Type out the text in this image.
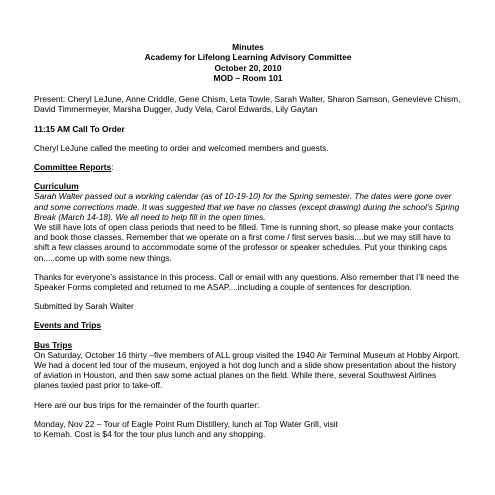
Minutes
Academy for Lifelong Learning Advisory Committee
October 20, 2010
MOD – Room 101

Present: Cheryl LeJune, Anne Criddle, Gene Chism, Leta Towle, Sarah Walter, Sharon Samson, Genevieve Chism, David Timmermeyer, Marsha Dugger, Judy Vela, Carol Edwards, Lily Gaytan

11:15 AM Call To Order

Cheryl LeJune called the meeting to order and welcomed members and guests.

Committee Reports:

Curriculum

Sarah Walter passed out a working calendar (as of 10-19-10) for the Spring semester. The dates were gone over and some corrections made. It was suggested that we have no classes (except drawing) during the school’s Spring Break (March 14-18). We all need to help fill in the open times.

We still have lots of open class periods that need to be filled. Time is running short, so please make your contacts and book those classes. Remember that we operate on a first come / first serves basis....but we may still have to shift a few classes around to accommodate some of the professor or speaker schedules. Put your thinking caps on.....come up with some new things.

Thanks for everyone’s assistance in this process. Call or email with any questions. Also remember that I’ll need the Speaker Forms completed and returned to me ASAP....including a couple of sentences for description.

Submitted by Sarah Walter

Events and Trips

Bus Trips

On Saturday, October 16 thirty –five members of ALL group visited the 1940 Air Terminal Museum at Hobby Airport. We had a docent led tour of the museum, enjoyed a hot dog lunch and a slide show presentation about the history of aviation in Houston, and then saw some actual planes on the field. While there, several Southwest Airlines planes taxied past prior to take-off.

Here are our bus trips for the remainder of the fourth quarter:

Monday, Nov 22 – Tour of Eagle Point Rum Distillery, lunch at Top Water Grill, visit

to Kemah. Cost is $4 for the tour plus lunch and any shopping.
